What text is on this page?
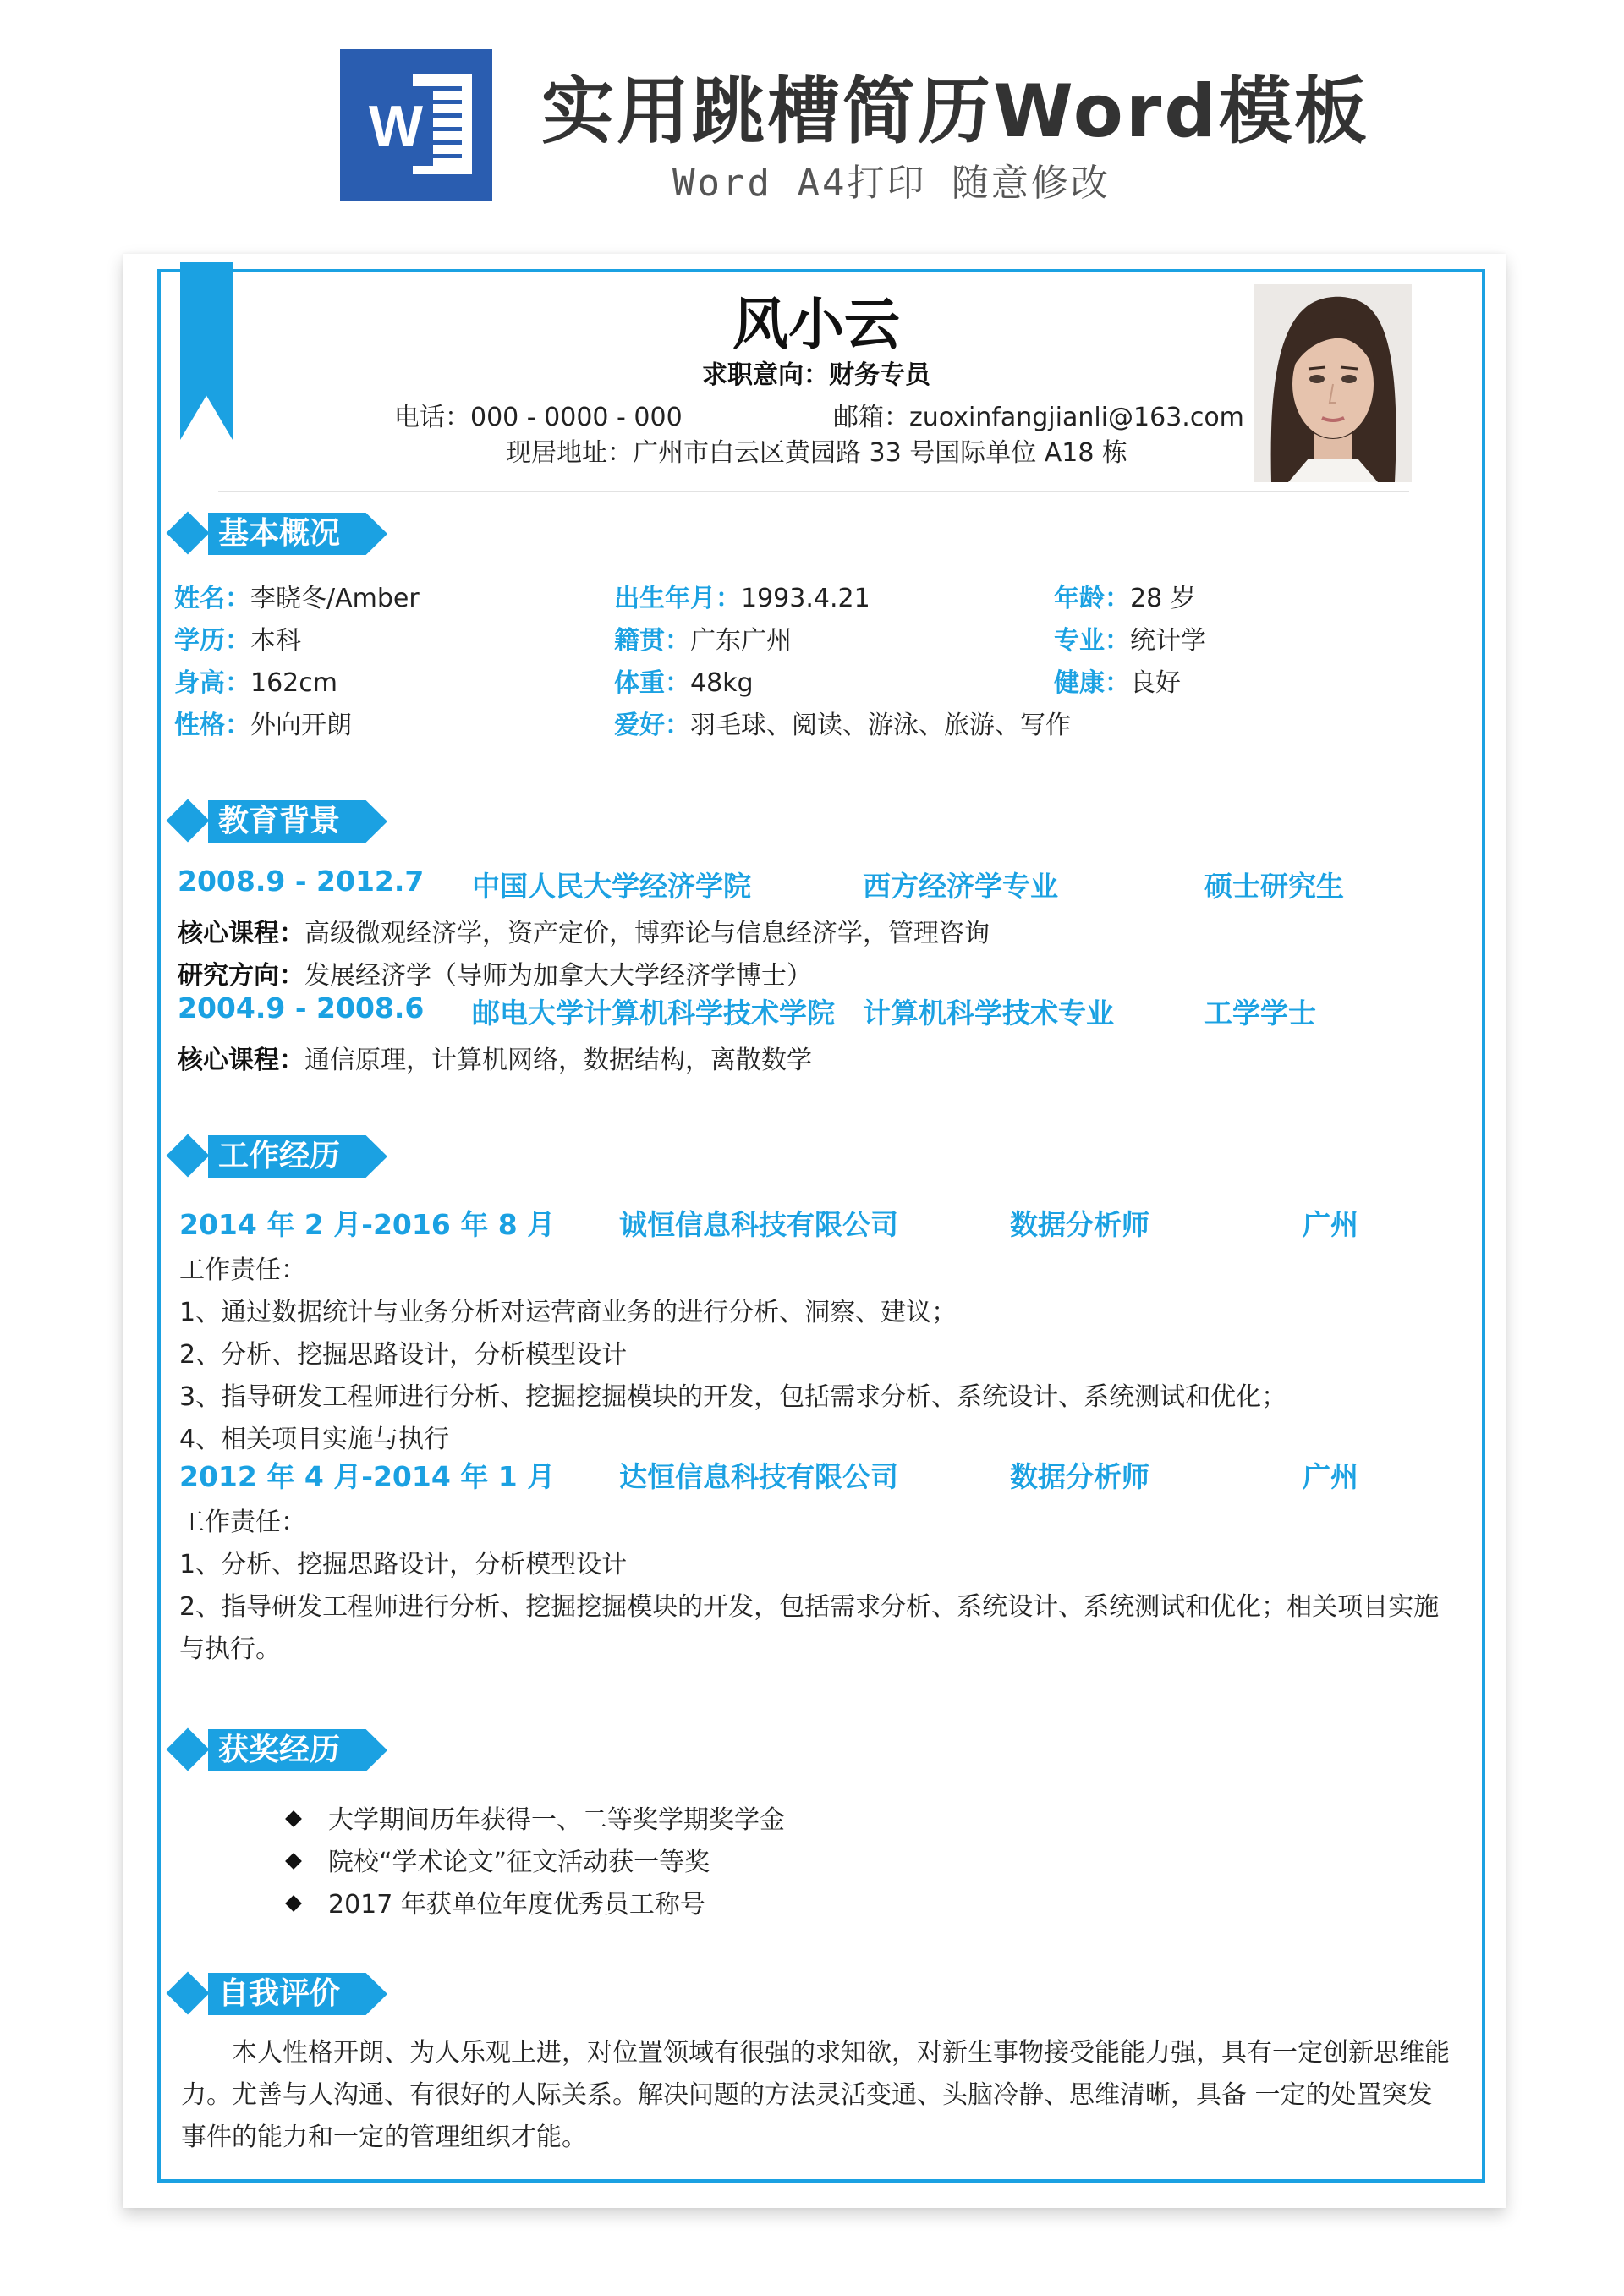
W 实用跳槽简历Word模板
Word A4打印 随意修改
风小云
求职意向：财务专员
电话：000 - 0000 - 000	邮箱：zuoxinfangjianli@163.com
现居地址：广州市白云区黄园路 33 号国际单位 A18 栋
基本概况
姓名：李晓冬/Amber	出生年月：1993.4.21	年龄：28 岁
学历：本科	籍贯：广东广州	专业：统计学
身高：162cm	体重：48kg	健康：良好
性格：外向开朗	爱好：羽毛球、阅读、游泳、旅游、写作
教育背景
2008.9 - 2012.7 中国人民大学经济学院	西方经济学专业	硕士研究生
核心课程：高级微观经济学，资产定价，博弈论与信息经济学，管理咨询
研究方向：发展经济学（导师为加拿大大学经济学博士）
2004.9 - 2008.6 邮电大学计算机科学技术学院 计算机科学技术专业	工学学士
核心课程：通信原理，计算机网络，数据结构，离散数学
工作经历
2014 年 2 月-2016 年 8 月 诚恒信息科技有限公司	数据分析师	广州
工作责任：
1、通过数据统计与业务分析对运营商业务的进行分析、洞察、建议；
2、分析、挖掘思路设计，分析模型设计
3、指导研发工程师进行分析、挖掘挖掘模块的开发，包括需求分析、系统设计、系统测试和优化；
4、相关项目实施与执行
2012 年 4 月-2014 年 1 月 达恒信息科技有限公司	数据分析师	广州
工作责任：
1、分析、挖掘思路设计，分析模型设计
2、指导研发工程师进行分析、挖掘挖掘模块的开发，包括需求分析、系统设计、系统测试和优化；相关项目实施
与执行。
获奖经历
大学期间历年获得一、二等奖学期奖学金
院校“学术论文”征文活动获一等奖
2017 年获单位年度优秀员工称号
自我评价
本人性格开朗、为人乐观上进，对位置领域有很强的求知欲，对新生事物接受能能力强，具有一定创新思维能
力。尤善与人沟通、有很好的人际关系。解决问题的方法灵活变通、头脑冷静、思维清晰，具备 一定的处置突发
事件的能力和一定的管理组织才能。
